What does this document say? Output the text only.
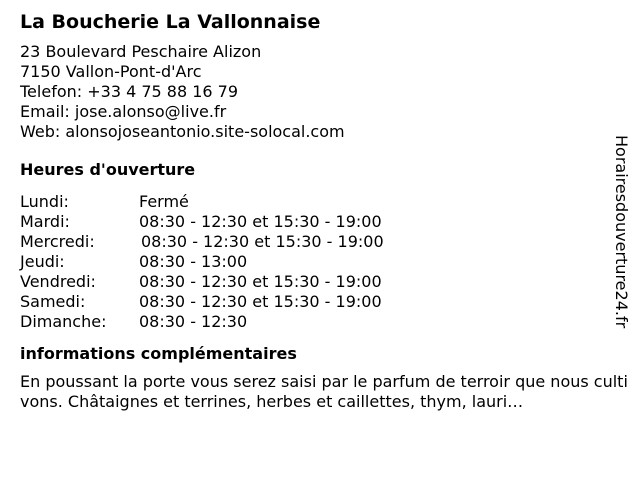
La Boucherie La Vallonnaise
23 Boulevard Peschaire Alizon
7150 Vallon-Pont-d'Arc
Telefon: +33 4 75 88 16 79
Email: jose.alonso@live.fr
Web: alonsojoseantonio.site-solocal.com
Heures d'ouverture
Lundi:	Fermé
Mardi:	08:30 - 12:30 et 15:30 - 19:00
Mercredi:	08:30 - 12:30 et 15:30 - 19:00
Jeudi:	08:30 - 13:00
Vendredi:	08:30 - 12:30 et 15:30 - 19:00
Samedi:	08:30 - 12:30 et 15:30 - 19:00
Dimanche:	08:30 - 12:30
informations complémentaires
En poussant la porte vous serez saisi par le parfum de terroir que nous cultivons. Châtaignes et terrines, herbes et caillettes, thym, lauri…
Horairesdouverture24.fr
